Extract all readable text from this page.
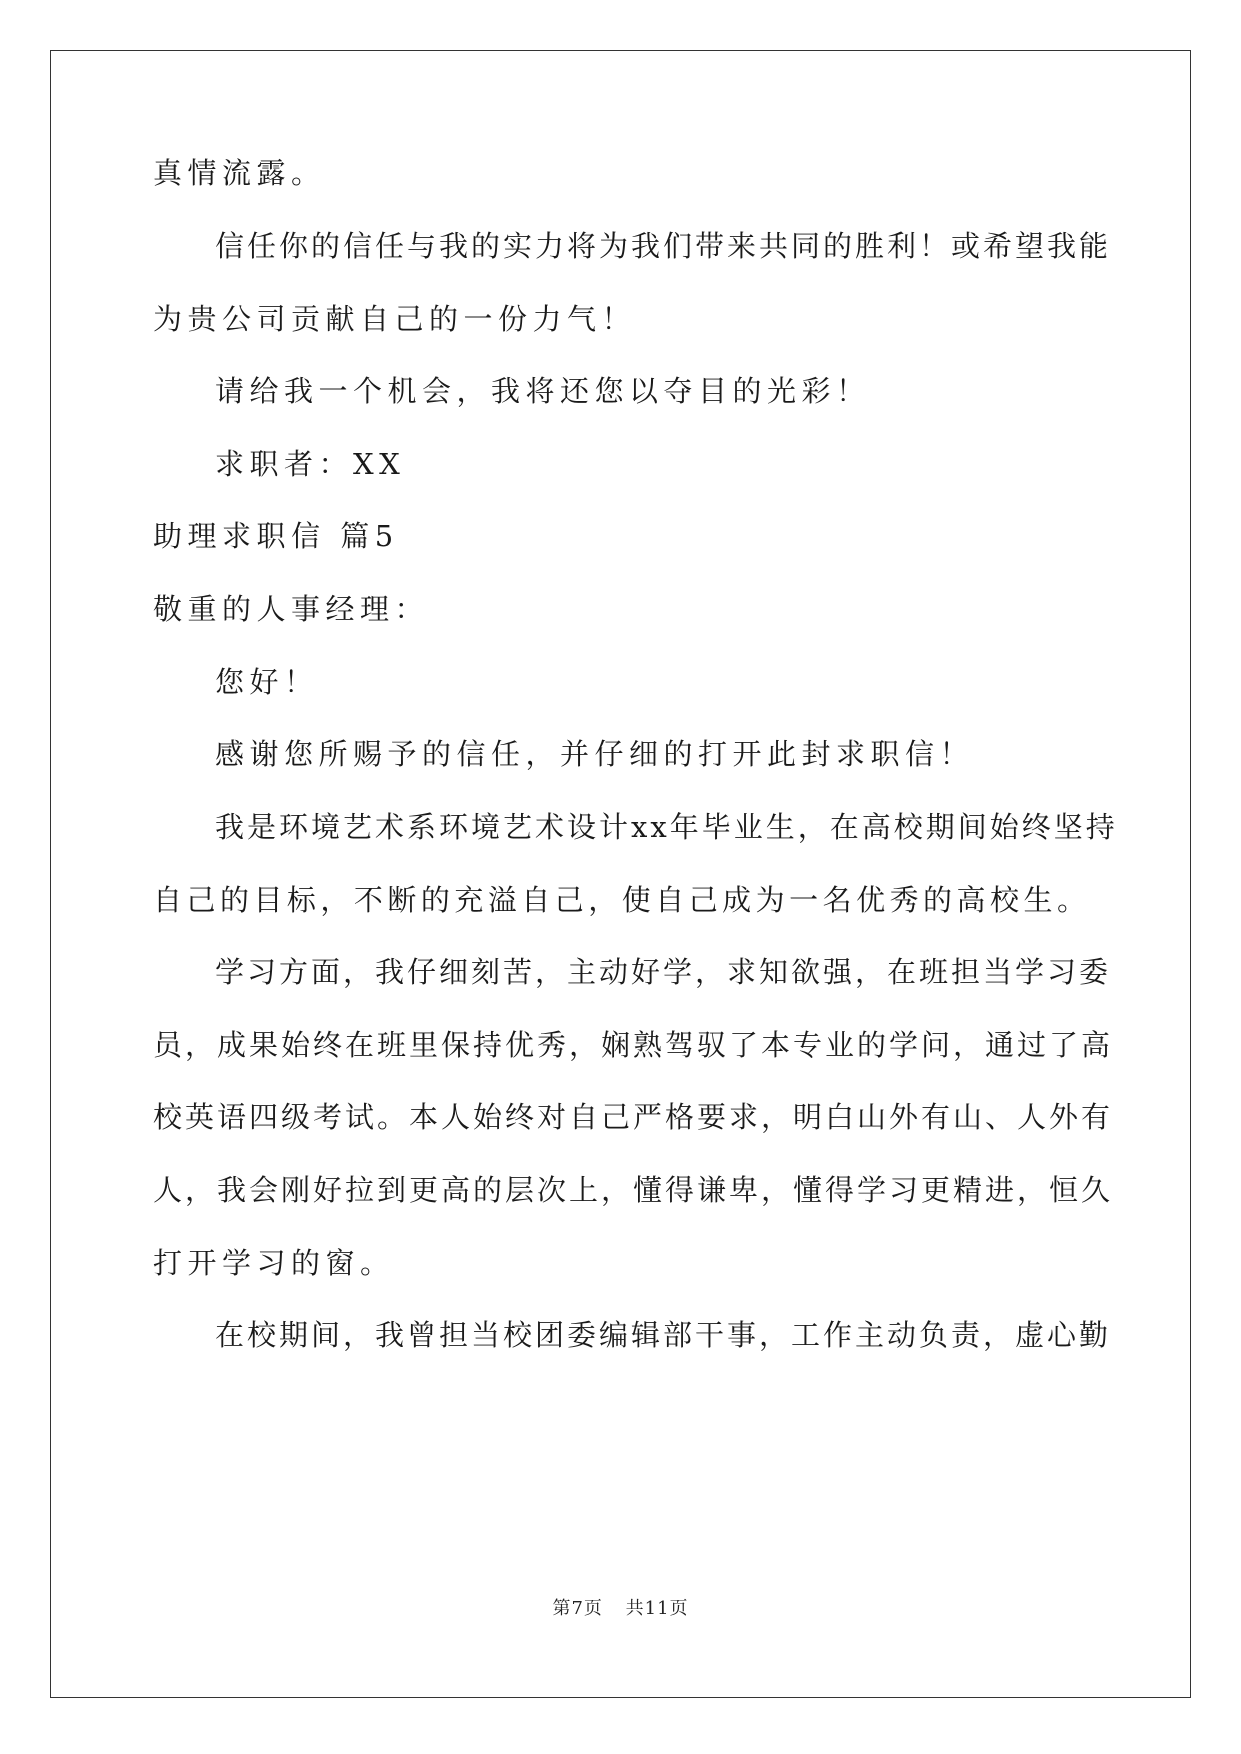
真情流露。
信任你的信任与我的实力将为我们带来共同的胜利！或希望我能
为贵公司贡献自己的一份力气！
请给我一个机会，我将还您以夺目的光彩！
求职者：XX
助理求职信 篇5
敬重的人事经理：
您好！
感谢您所赐予的信任，并仔细的打开此封求职信！
我是环境艺术系环境艺术设计xx年毕业生，在高校期间始终坚持
自己的目标，不断的充溢自己，使自己成为一名优秀的高校生。
学习方面，我仔细刻苦，主动好学，求知欲强，在班担当学习委
员，成果始终在班里保持优秀，娴熟驾驭了本专业的学问，通过了高
校英语四级考试。本人始终对自己严格要求，明白山外有山、人外有
人，我会刚好拉到更高的层次上，懂得谦卑，懂得学习更精进，恒久
打开学习的窗。
在校期间，我曾担当校团委编辑部干事，工作主动负责，虚心勤
第7页 共11页
